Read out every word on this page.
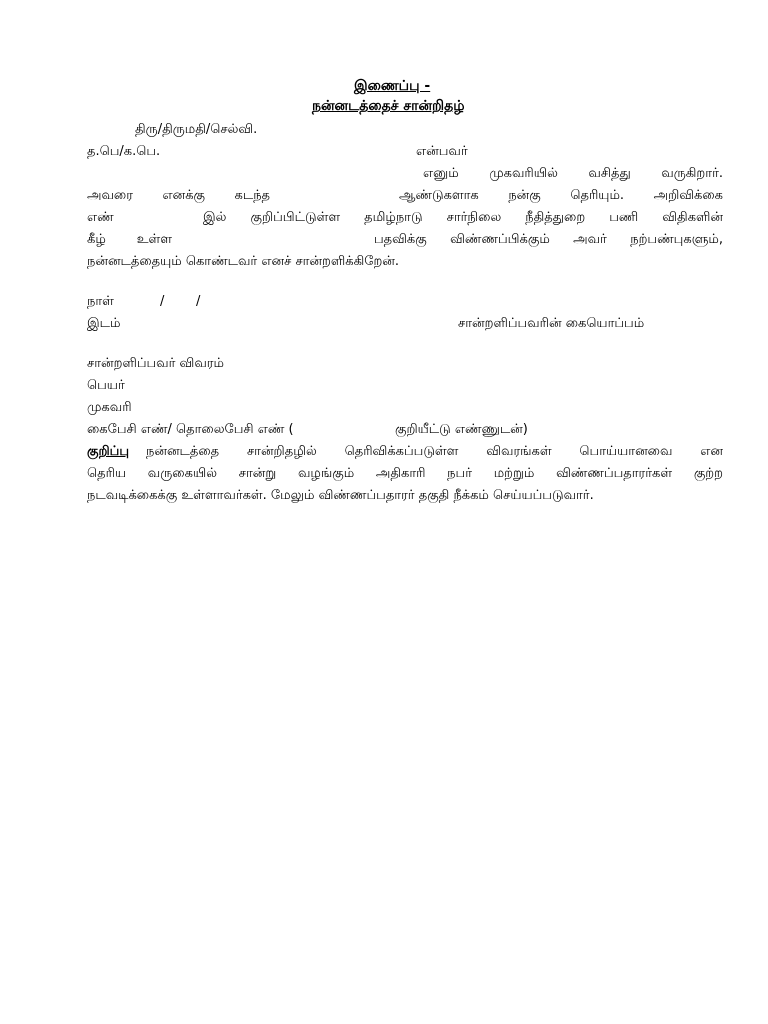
இணைப்பு -
நன்னடத்தைச் சான்றிதழ்
திரு/திருமதி/செல்வி.
த.பெ/க.பெ.	என்பவர்
எனும் முகவரியில் வசித்து வருகிறார்.
அவரை எனக்கு கடந்த	ஆண்டுகளாக நன்கு தெரியும். அறிவிக்கை
எண்	இல் குறிப்பிட்டுள்ள தமிழ்நாடு சார்நிலை நீதித்துறை பணி விதிகளின்
கீழ் உள்ள	பதவிக்கு விண்ணப்பிக்கும் அவர் நற்பண்புகளும்,
நன்னடத்தையும் கொண்டவர் எனச் சான்றளிக்கிறேன்.
நாள்	/ /
இடம்	சான்றளிப்பவரின் கையொப்பம்
சான்றளிப்பவர் விவரம்
பெயர்
முகவரி
கைபேசி எண்/ தொலைபேசி எண் (	குறியீட்டு எண்ணுடன்)
குறிப்பு நன்னடத்தை சான்றிதழில் தெரிவிக்கப்படுள்ள விவரங்கள் பொய்யானவை என
தெரிய வருகையில் சான்று வழங்கும் அதிகாரி நபர் மற்றும் விண்ணப்பதாரர்கள் குற்ற
நடவடிக்கைக்கு உள்ளாவர்கள். மேலும் விண்ணப்பதாரர் தகுதி நீக்கம் செய்யப்படுவார்.
